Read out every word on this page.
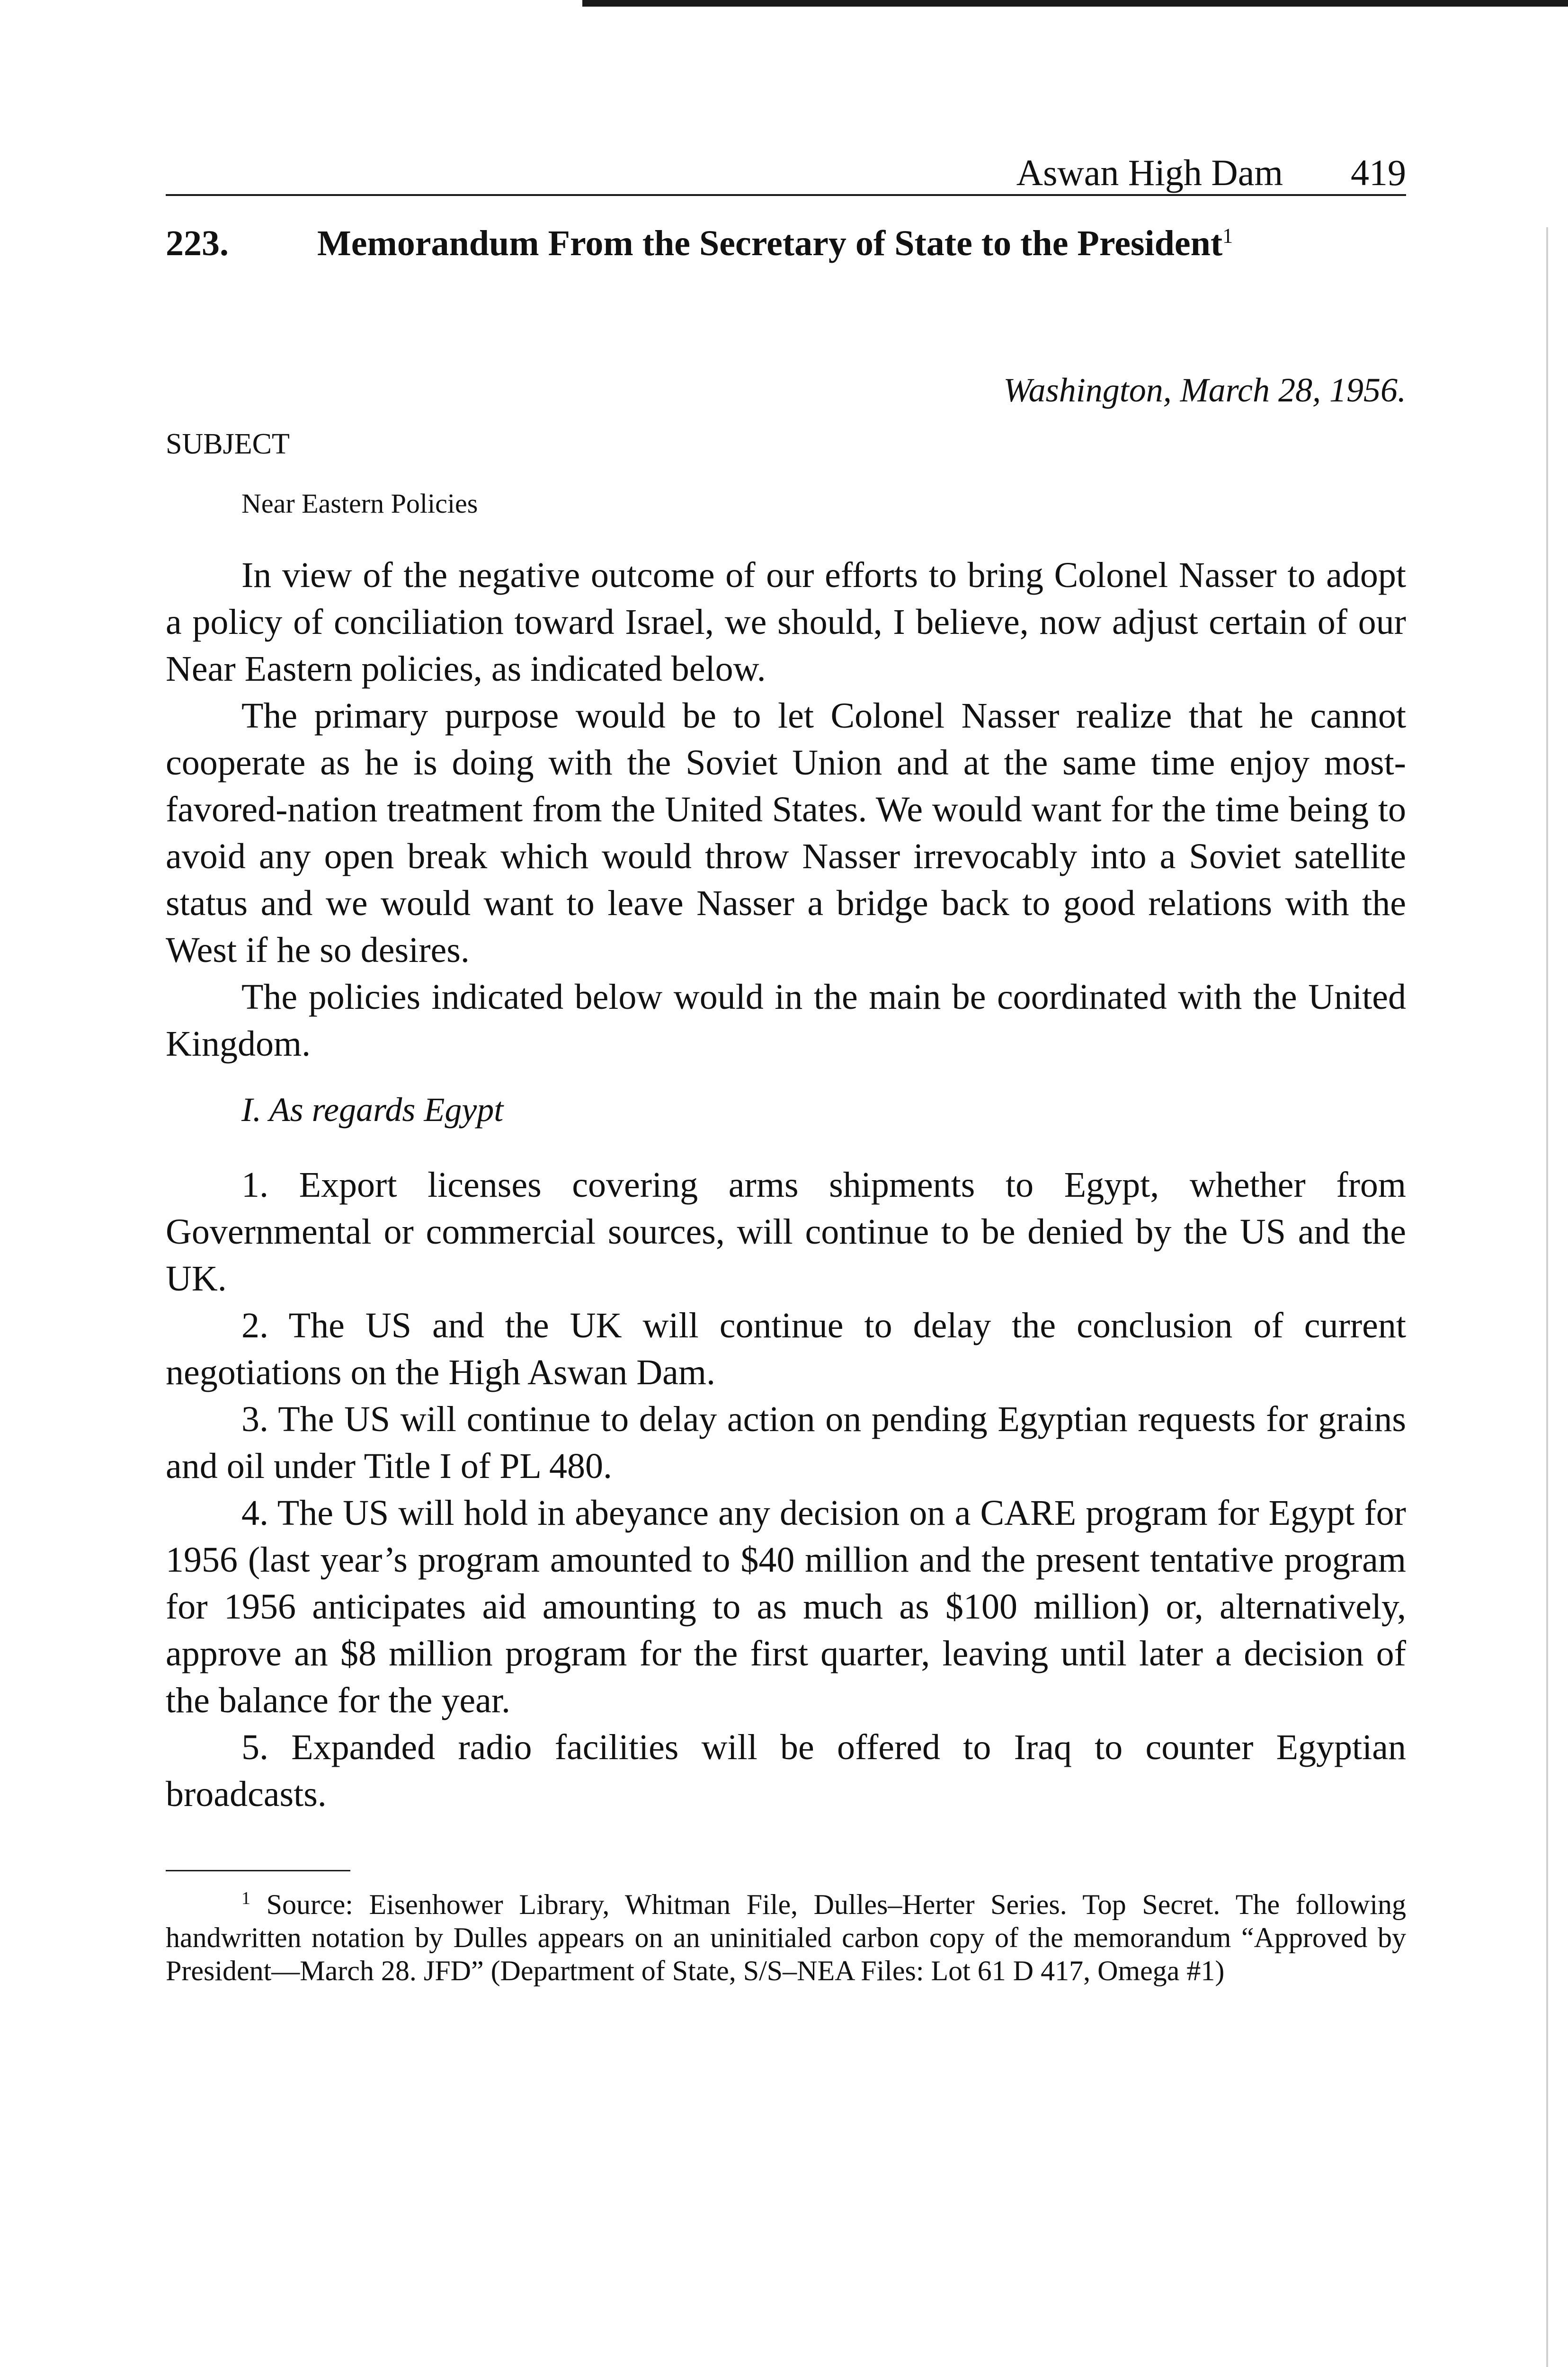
Aswan High Dam 419
223.	Memorandum From the Secretary of State to the President$^1$
Washington, March 28, 1956.
SUBJECT
Near Eastern Policies

In view of the negative outcome of our efforts to bring Colonel Nasser to adopt a policy of conciliation toward Israel, we should, I believe, now adjust certain of our Near Eastern policies, as indicated below.

The primary purpose would be to let Colonel Nasser realize that he cannot cooperate as he is doing with the Soviet Union and at the same time enjoy most-favored-nation treatment from the United States. We would want for the time being to avoid any open break which would throw Nasser irrevocably into a Soviet satellite status and we would want to leave Nasser a bridge back to good relations with the West if he so desires.

The policies indicated below would in the main be coordinated with the United Kingdom.

I. As regards Egypt

1. Export licenses covering arms shipments to Egypt, whether from Governmental or commercial sources, will continue to be denied by the US and the UK.

2. The US and the UK will continue to delay the conclusion of current negotiations on the High Aswan Dam.

3. The US will continue to delay action on pending Egyptian requests for grains and oil under Title I of PL 480.

4. The US will hold in abeyance any decision on a CARE program for Egypt for 1956 (last year’s program amounted to $40 million and the present tentative program for 1956 anticipates aid amounting to as much as $100 million) or, alternatively, approve an $8 million program for the first quarter, leaving until later a decision of the balance for the year.

5. Expanded radio facilities will be offered to Iraq to counter Egyptian broadcasts.

$^1$ Source: Eisenhower Library, Whitman File, Dulles–Herter Series. Top Secret. The following handwritten notation by Dulles appears on an uninitialed carbon copy of the memorandum “Approved by President—March 28. JFD” (Department of State, S/S–NEA Files: Lot 61 D 417, Omega #1)
